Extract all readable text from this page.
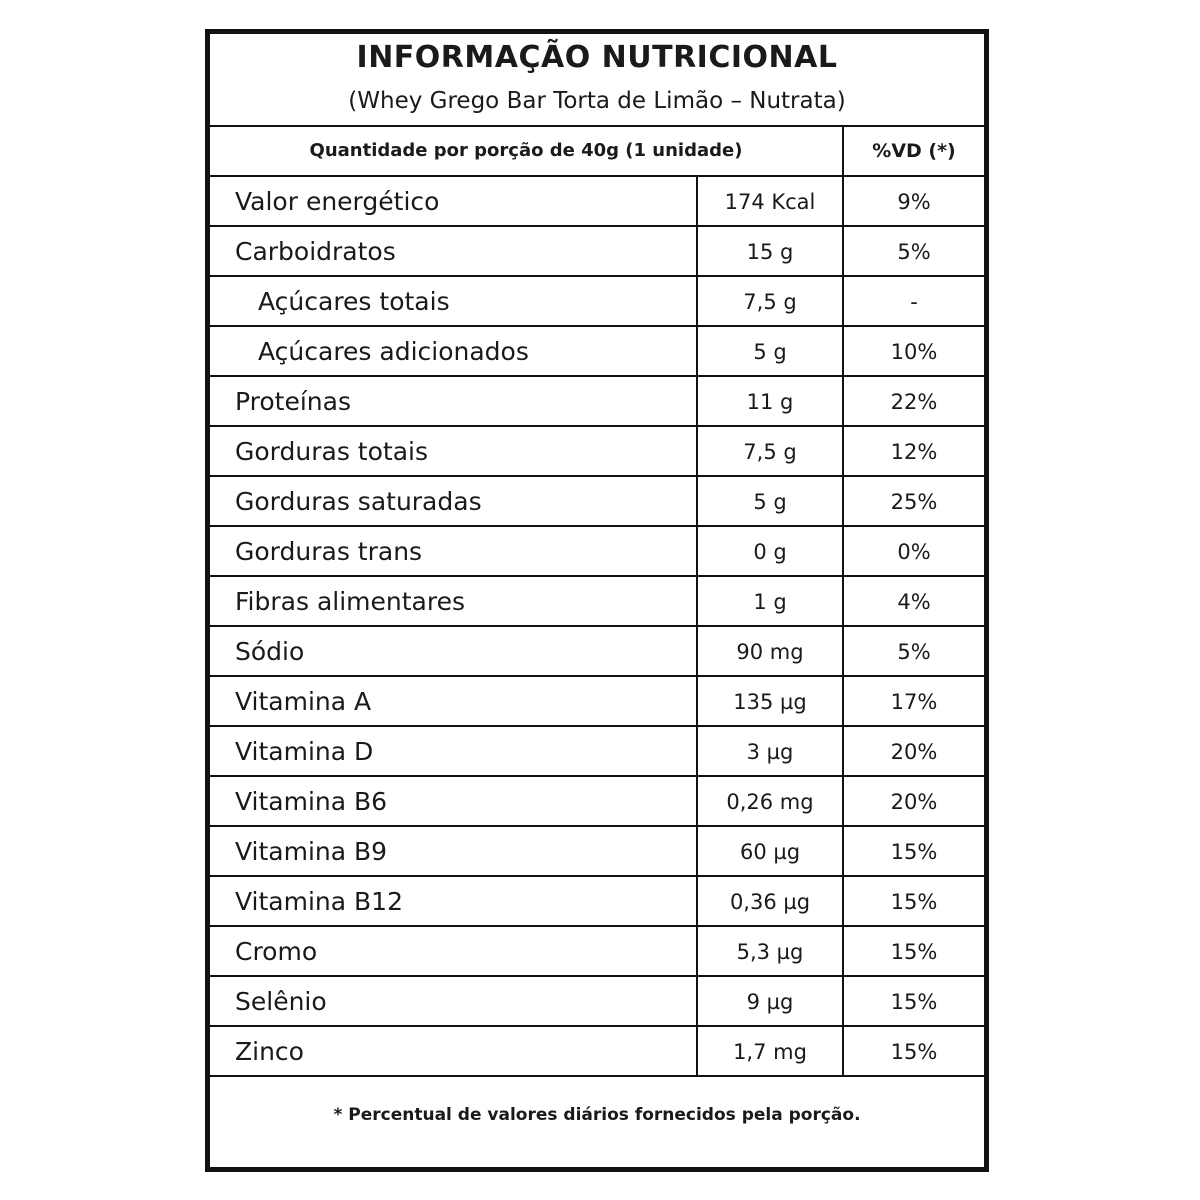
INFORMAÇÃO NUTRICIONAL
(Whey Grego Bar Torta de Limão – Nutrata)
Quantidade por porção de 40g (1 unidade)	%VD (*)
Valor energético	174 Kcal	9%
Carboidratos	15 g	5%
Açúcares totais	7,5 g	-
Açúcares adicionados	5 g	10%
Proteínas	11 g	22%
Gorduras totais	7,5 g	12%
Gorduras saturadas	5 g	25%
Gorduras trans	0 g	0%
Fibras alimentares	1 g	4%
Sódio	90 mg	5%
Vitamina A	135 µg	17%
Vitamina D	3 µg	20%
Vitamina B6	0,26 mg	20%
Vitamina B9	60 µg	15%
Vitamina B12	0,36 µg	15%
Cromo	5,3 µg	15%
Selênio	9 µg	15%
Zinco	1,7 mg	15%
* Percentual de valores diários fornecidos pela porção.
